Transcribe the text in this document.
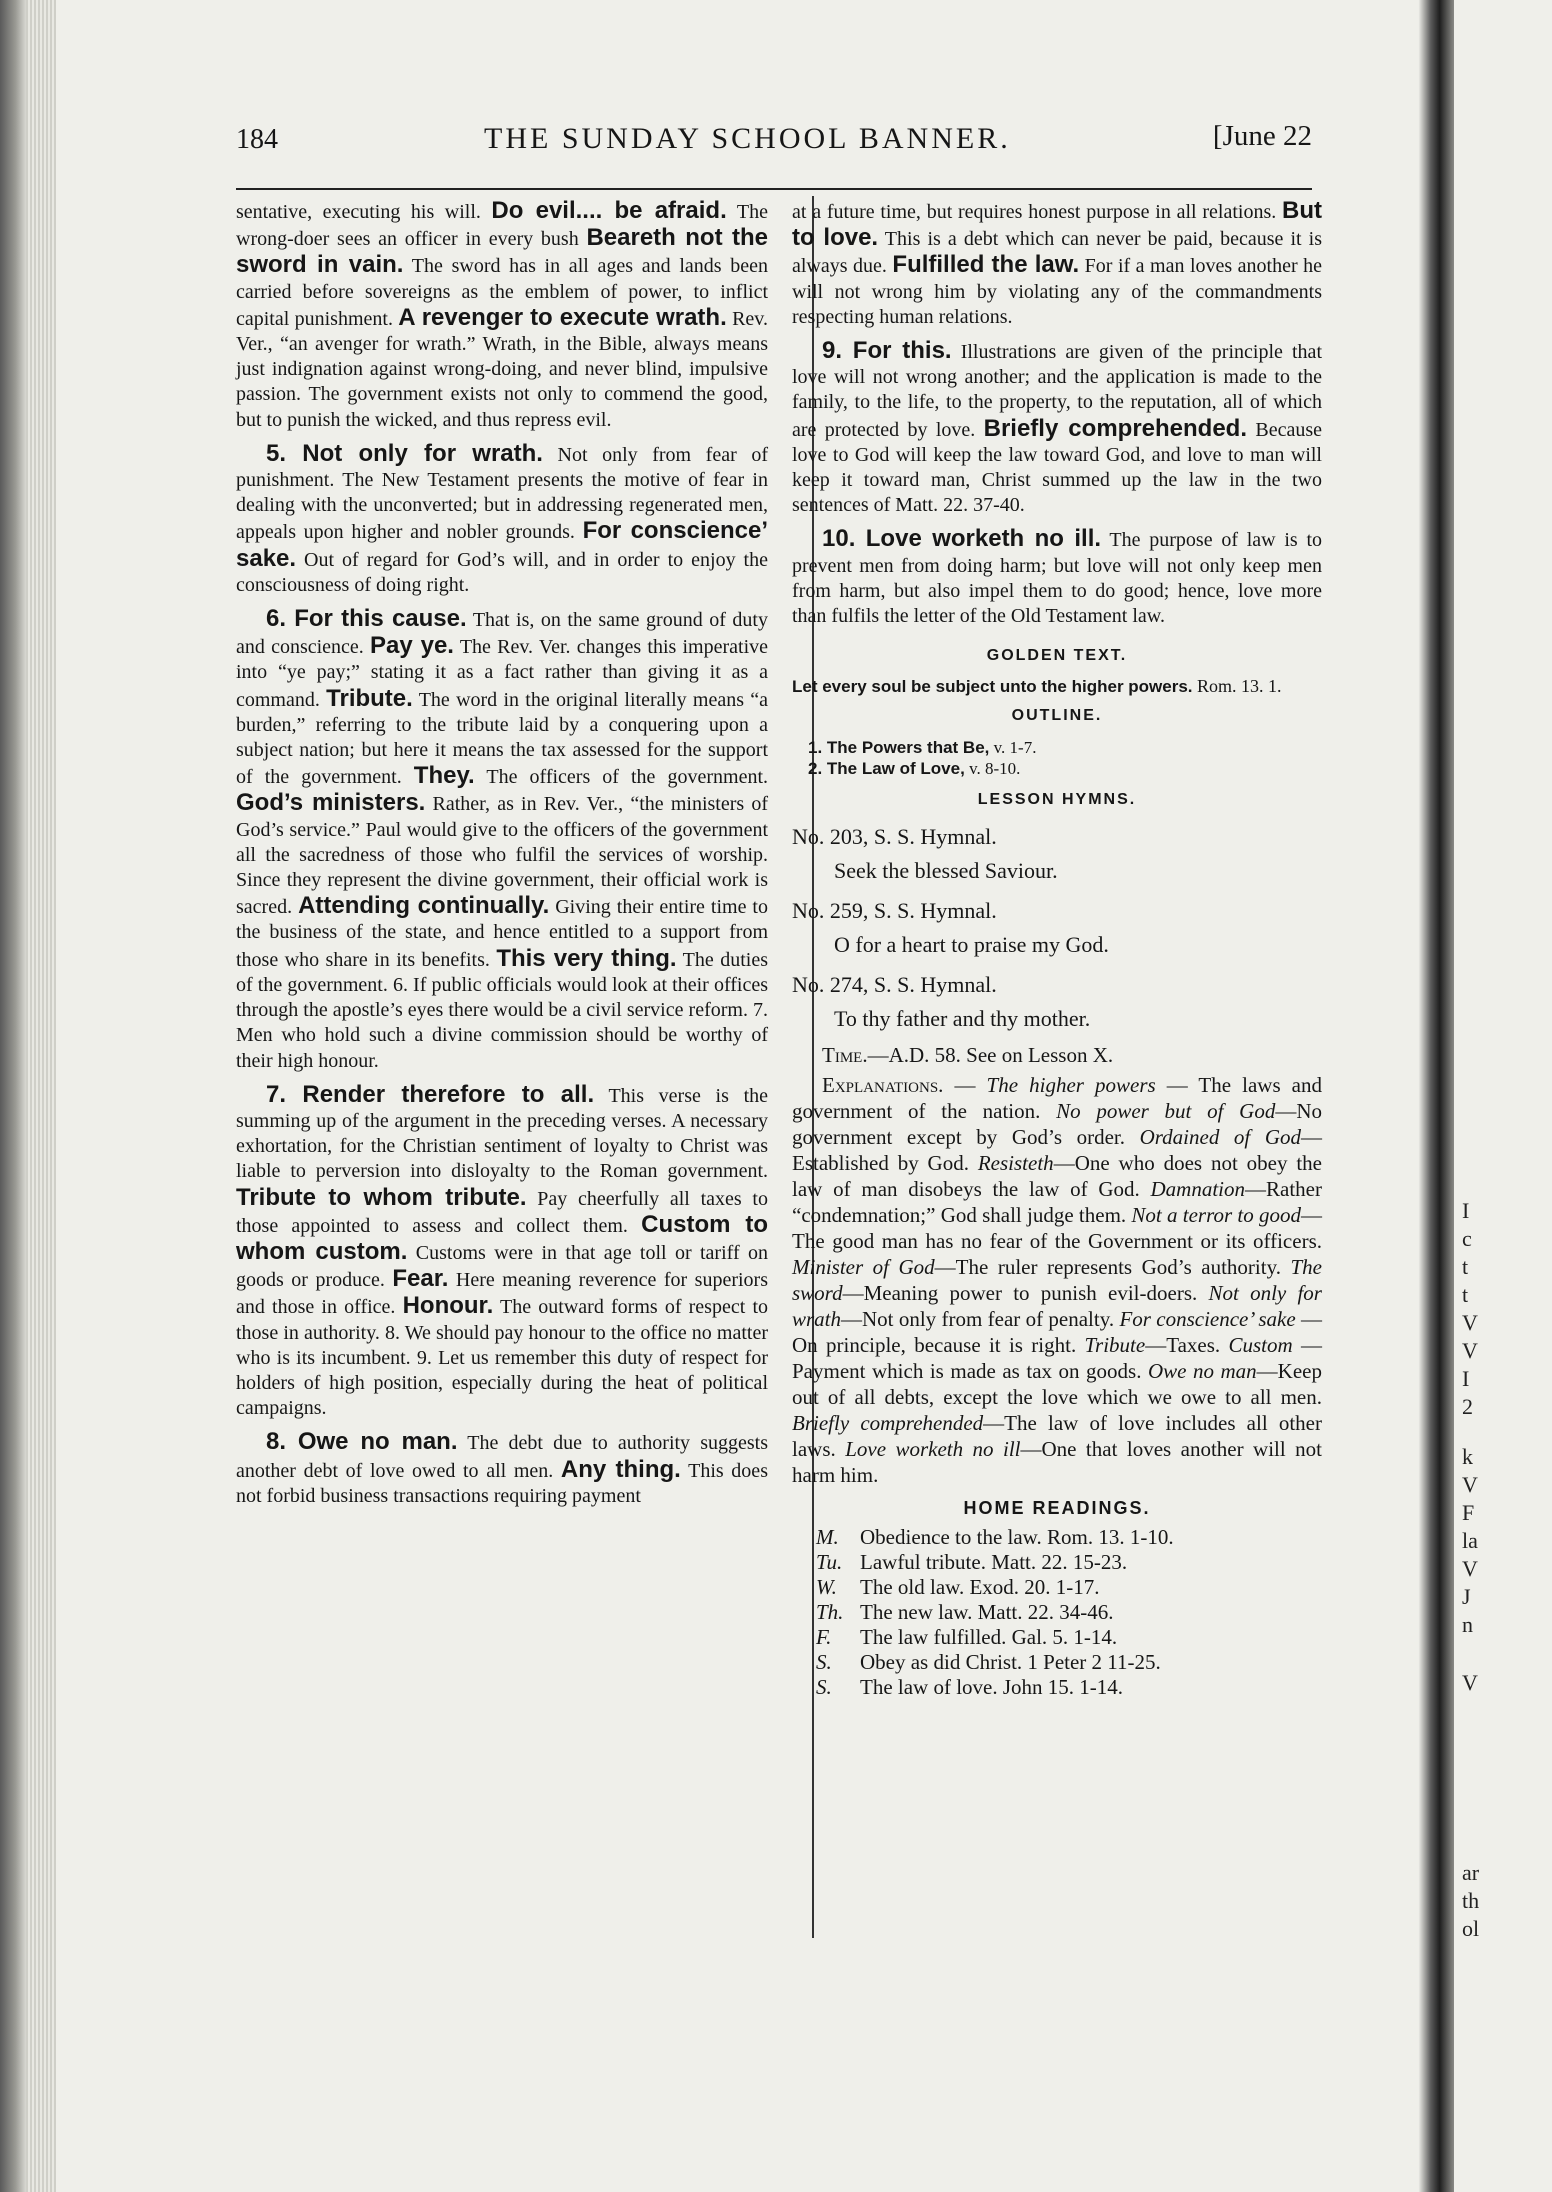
I
c
t
t
V
V
I
2
k
V
F
la
V
J
n
V
ar
th
ol
184	THE SUNDAY SCHOOL BANNER.	[June 22

sentative, executing his will. Do evil.... be afraid. The wrong-doer sees an officer in every bush Beareth not the sword in vain. The sword has in all ages and lands been carried before sovereigns as the emblem of power, to inflict capital punishment. A revenger to execute wrath. Rev. Ver., “an avenger for wrath.” Wrath, in the Bible, always means just indignation against wrong-doing, and never blind, impulsive passion. The government exists not only to commend the good, but to punish the wicked, and thus repress evil.

5. Not only for wrath. Not only from fear of punishment. The New Testament presents the motive of fear in dealing with the unconverted; but in addressing regenerated men, appeals upon higher and nobler grounds. For conscience’ sake. Out of regard for God’s will, and in order to enjoy the consciousness of doing right.

6. For this cause. That is, on the same ground of duty and conscience. Pay ye. The Rev. Ver. changes this imperative into “ye pay;” stating it as a fact rather than giving it as a command. Tribute. The word in the original literally means “a burden,” referring to the tribute laid by a conquering upon a subject nation; but here it means the tax assessed for the support of the government. They. The officers of the government. God’s ministers. Rather, as in Rev. Ver., “the ministers of God’s service.” Paul would give to the officers of the government all the sacredness of those who fulfil the services of worship. Since they represent the divine government, their official work is sacred. Attending continually. Giving their entire time to the business of the state, and hence entitled to a support from those who share in its benefits. This very thing. The duties of the government. 6. If public officials would look at their offices through the apostle’s eyes there would be a civil service reform. 7. Men who hold such a divine commission should be worthy of their high honour.

7. Render therefore to all. This verse is the summing up of the argument in the preceding verses. A necessary exhortation, for the Christian sentiment of loyalty to Christ was liable to perversion into disloyalty to the Roman government. Tribute to whom tribute. Pay cheerfully all taxes to those appointed to assess and collect them. Custom to whom custom. Customs were in that age toll or tariff on goods or produce. Fear. Here meaning reverence for superiors and those in office. Honour. The outward forms of respect to those in authority. 8. We should pay honour to the office no matter who is its incumbent. 9. Let us remember this duty of respect for holders of high position, especially during the heat of political campaigns.

8. Owe no man. The debt due to authority suggests another debt of love owed to all men. Any thing. This does not forbid business transactions requiring payment

at a future time, but requires honest purpose in all relations. But to love. This is a debt which can never be paid, because it is always due. Fulfilled the law. For if a man loves another he will not wrong him by violating any of the commandments respecting human relations.

9. For this. Illustrations are given of the principle that love will not wrong another; and the application is made to the family, to the life, to the property, to the reputation, all of which are protected by love. Briefly comprehended. Because love to God will keep the law toward God, and love to man will keep it toward man, Christ summed up the law in the two sentences of Matt. 22. 37-40.

10. Love worketh no ill. The purpose of law is to prevent men from doing harm; but love will not only keep men from harm, but also impel them to do good; hence, love more than fulfils the letter of the Old Testament law.

GOLDEN TEXT.

Let every soul be subject unto the higher powers. Rom. 13. 1.

OUTLINE.
1. The Powers that Be, v. 1-7.
2. The Law of Love, v. 8-10.
LESSON HYMNS.
No. 203, S. S. Hymnal.
Seek the blessed Saviour.
No. 259, S. S. Hymnal.
O for a heart to praise my God.
No. 274, S. S. Hymnal.
To thy father and thy mother.

Time.—A.D. 58. See on Lesson X.

Explanations. — The higher powers — The laws and government of the nation. No power but of God—No government except by God’s order. Ordained of God—Established by God. Resisteth—One who does not obey the law of man disobeys the law of God. Damnation—Rather “condemnation;” God shall judge them. Not a terror to good—The good man has no fear of the Government or its officers. Minister of God—The ruler represents God’s authority. The sword—Meaning power to punish evil-doers. Not only for wrath—Not only from fear of penalty. For conscience’ sake —On principle, because it is right. Tribute—Taxes. Custom —Payment which is made as tax on goods. Owe no man—Keep out of all debts, except the love which we owe to all men. Briefly comprehended—The law of love includes all other laws. Love worketh no ill—One that loves another will not harm him.

HOME READINGS.
M. Obedience to the law. Rom. 13. 1-10.
Tu. Lawful tribute. Matt. 22. 15-23.
W. The old law. Exod. 20. 1-17.
Th. The new law. Matt. 22. 34-46.
F. The law fulfilled. Gal. 5. 1-14.
S. Obey as did Christ. 1 Peter 2 11-25.
S. The law of love. John 15. 1-14.
